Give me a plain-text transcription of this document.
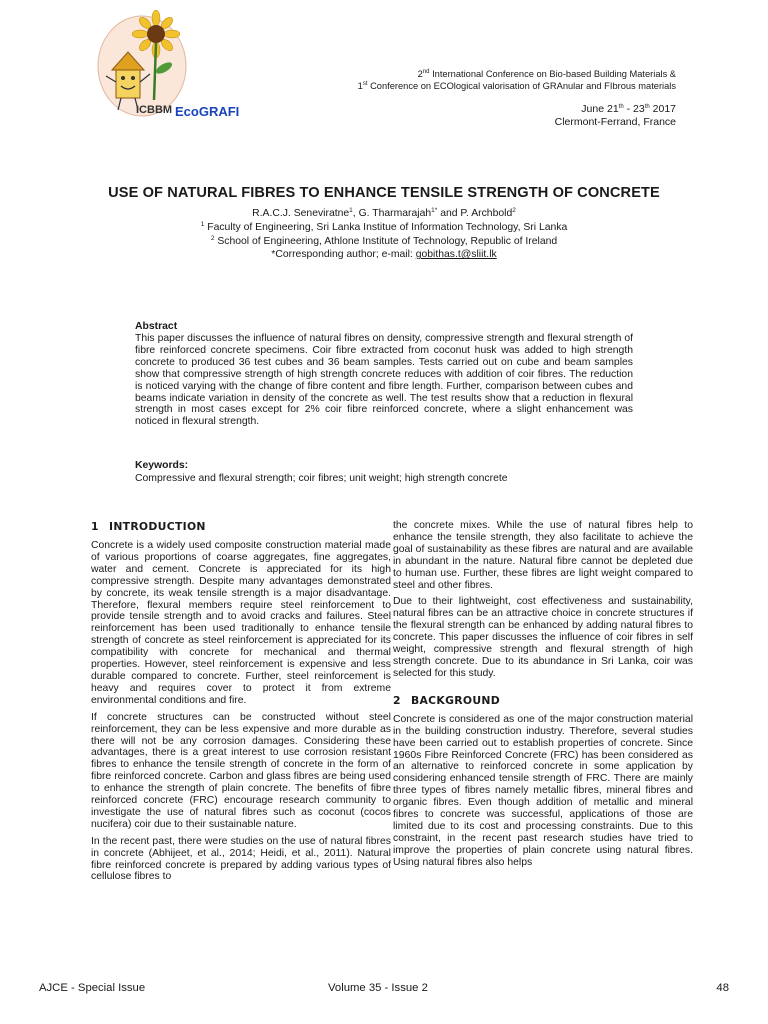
ICBBM EcoGRAFI
2nd International Conference on Bio-based Building Materials &
1st Conference on ECOlogical valorisation of GRAnular and FIbrous materials
June 21th - 23th 2017
Clermont-Ferrand, France
USE OF NATURAL FIBRES TO ENHANCE TENSILE STRENGTH OF CONCRETE
R.A.C.J. Seneviratne$^1$, G. Tharmarajah$^{1*}$ and P. Archbold$^2$
$^1$ Faculty of Engineering, Sri Lanka Institue of Information Technology, Sri Lanka
$^2$ School of Engineering, Athlone Institute of Technology, Republic of Ireland
*Corresponding author; e-mail: gobithas.t@sliit.lk
Abstract

This paper discusses the influence of natural fibres on density, compressive strength and flexural strength of fibre reinforced concrete specimens. Coir fibre extracted from coconut husk was added to high strength concrete to produced 36 test cubes and 36 beam samples. Tests carried out on cube and beam samples show that compressive strength of high strength concrete reduces with addition of coir fibres. The reduction is noticed varying with the change of fibre content and fibre length. Further, comparison between cubes and beams indicate variation in density of the concrete as well. The test results show that a reduction in flexural strength in most cases except for 2% coir fibre reinforced concrete, where a slight enhancement was noticed in flexural strength.

Keywords:
Compressive and flexural strength; coir fibres; unit weight; high strength concrete
1 INTRODUCTION

Concrete is a widely used composite construction material made of various proportions of coarse aggregates, fine aggregates, water and cement. Concrete is appreciated for its high compressive strength. Despite many advantages demonstrated by concrete, its weak tensile strength is a major disadvantage. Therefore, flexural members require steel reinforcement to provide tensile strength and to avoid cracks and failures. Steel reinforcement has been used traditionally to enhance tensile strength of concrete as steel reinforcement is appreciated for its compatibility with concrete for mechanical and thermal properties. However, steel reinforcement is expensive and less durable compared to concrete. Further, steel reinforcement is heavy and requires cover to protect it from extreme environmental conditions and fire.

If concrete structures can be constructed without steel reinforcement, they can be less expensive and more durable as there will not be any corrosion damages. Considering these advantages, there is a great interest to use corrosion resistant fibres to enhance the tensile strength of concrete in the form of fibre reinforced concrete. Carbon and glass fibres are being used to enhance the strength of plain concrete. The benefits of fibre reinforced concrete (FRC) encourage research community to investigate the use of natural fibres such as coconut (cocos nucifera) coir due to their sustainable nature.

In the recent past, there were studies on the use of natural fibres in concrete (Abhijeet, et al., 2014; Heidi, et al., 2011). Natural fibre reinforced concrete is prepared by adding various types of cellulose fibres to

the concrete mixes. While the use of natural fibres help to enhance the tensile strength, they also facilitate to achieve the goal of sustainability as these fibres are natural and are available in abundant in the nature. Natural fibre cannot be depleted due to human use. Further, these fibres are light weight compared to steel and other fibres.

Due to their lightweight, cost effectiveness and sustainability, natural fibres can be an attractive choice in concrete structures if the flexural strength can be enhanced by adding natural fibres to concrete. This paper discusses the influence of coir fibres in self weight, compressive strength and flexural strength of high strength concrete. Due to its abundance in Sri Lanka, coir was selected for this study.

2 BACKGROUND

Concrete is considered as one of the major construction material in the building construction industry. Therefore, several studies have been carried out to establish properties of concrete. Since 1960s Fibre Reinforced Concrete (FRC) has been considered as an alternative to reinforced concrete in some application by considering enhanced tensile strength of FRC. There are mainly three types of fibres namely metallic fibres, mineral fibres and organic fibres. Even though addition of metallic and mineral fibres to concrete was successful, applications of those are limited due to its cost and processing constraints. Due to this constraint, in the recent past research studies have tried to improve the properties of plain concrete using natural fibres. Using natural fibres also helps

AJCE - Special Issue	Volume 35 - Issue 2	48
